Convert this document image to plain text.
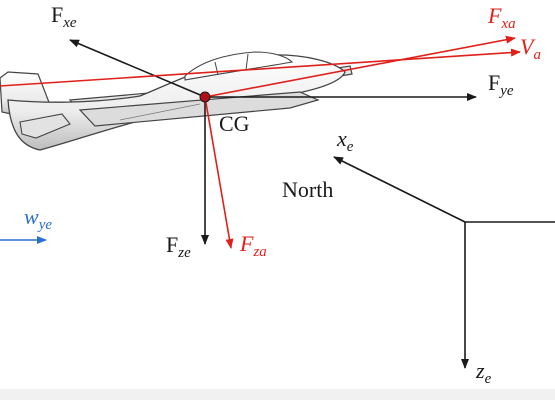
$F_{xe}$	$F_{xa}$
$V_a$
$F_{ye}$
CG
$x_e$
North
$w_{ye}$
$F_{ze}$ $F_{za}$
$z_e$
